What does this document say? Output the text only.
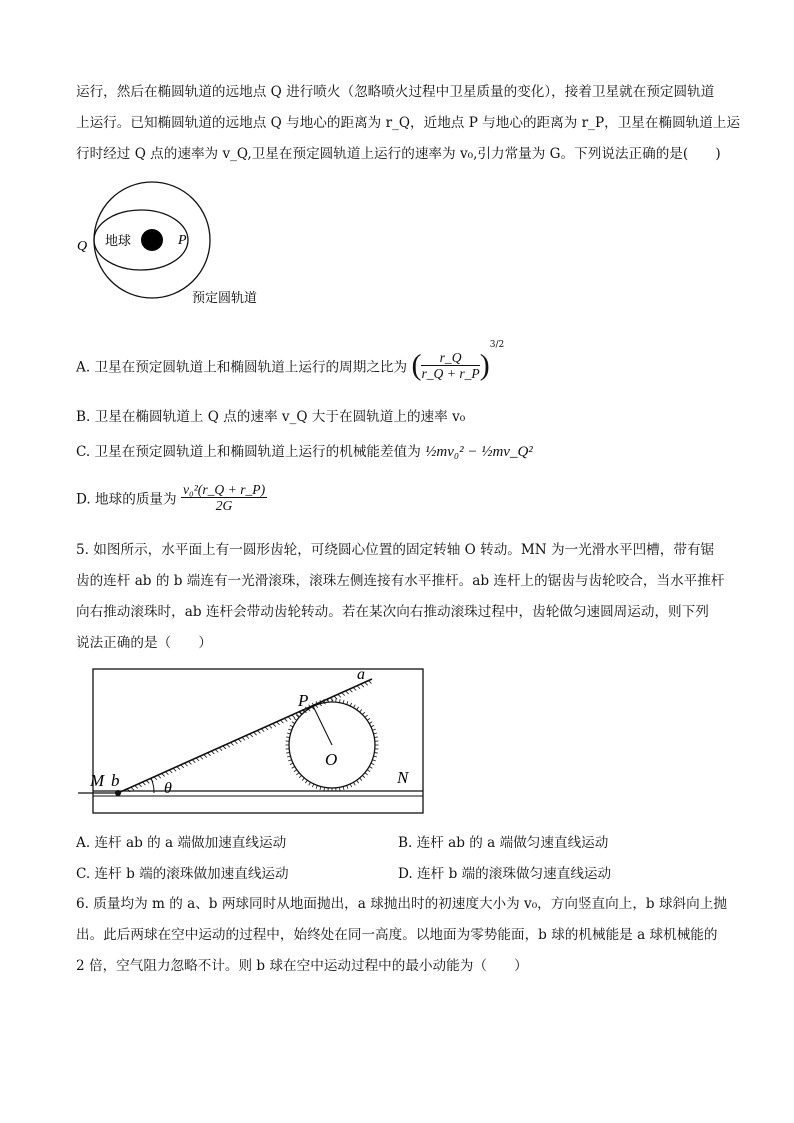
运行，然后在椭圆轨道的远地点 Q 进行喷火（忽略喷火过程中卫星质量的变化），接着卫星就在预定圆轨道
上运行。已知椭圆轨道的远地点 Q 与地心的距离为 r_Q，近地点 P 与地心的距离为 r_P，卫星在椭圆轨道上运
行时经过 Q 点的速率为 v_Q,卫星在预定圆轨道上运行的速率为 v₀,引力常量为 G。下列说法正确的是(　　)
地球
Q	P
预定圆轨道
A. 卫星在预定圆轨道上和椭圆轨道上运行的周期之比为 ( $\frac{r\_Q}{r\_Q + r\_P} )^{3/2}$
B. 卫星在椭圆轨道上 Q 点的速率 v_Q 大于在圆轨道上的速率 v₀
C. 卫星在预定圆轨道上和椭圆轨道上运行的机械能差值为 ½mv₀² − ½mv_Q²
D. 地球的质量为 $\frac{\text{v₀²(r\_Q + r\_P)}}{2G}$
5. 如图所示，水平面上有一圆形齿轮，可绕圆心位置的固定转轴 O 转动。MN 为一光滑水平凹槽，带有锯
齿的连杆 ab 的 b 端连有一光滑滚珠，滚珠左侧连接有水平推杆。ab 连杆上的锯齿与齿轮咬合，当水平推杆
向右推动滚珠时，ab 连杆会带动齿轮转动。若在某次向右推动滚珠过程中，齿轮做匀速圆周运动，则下列
说法正确的是（　　）
a
P
O
M b	θ
N
A. 连杆 ab 的 a 端做加速直线运动	B. 连杆 ab 的 a 端做匀速直线运动
C. 连杆 b 端的滚珠做加速直线运动	D. 连杆 b 端的滚珠做匀速直线运动
6. 质量均为 m 的 a、b 两球同时从地面抛出，a 球抛出时的初速度大小为 v₀，方向竖直向上，b 球斜向上抛
出。此后两球在空中运动的过程中，始终处在同一高度。以地面为零势能面，b 球的机械能是 a 球机械能的
2 倍，空气阻力忽略不计。则 b 球在空中运动过程中的最小动能为（　　）
